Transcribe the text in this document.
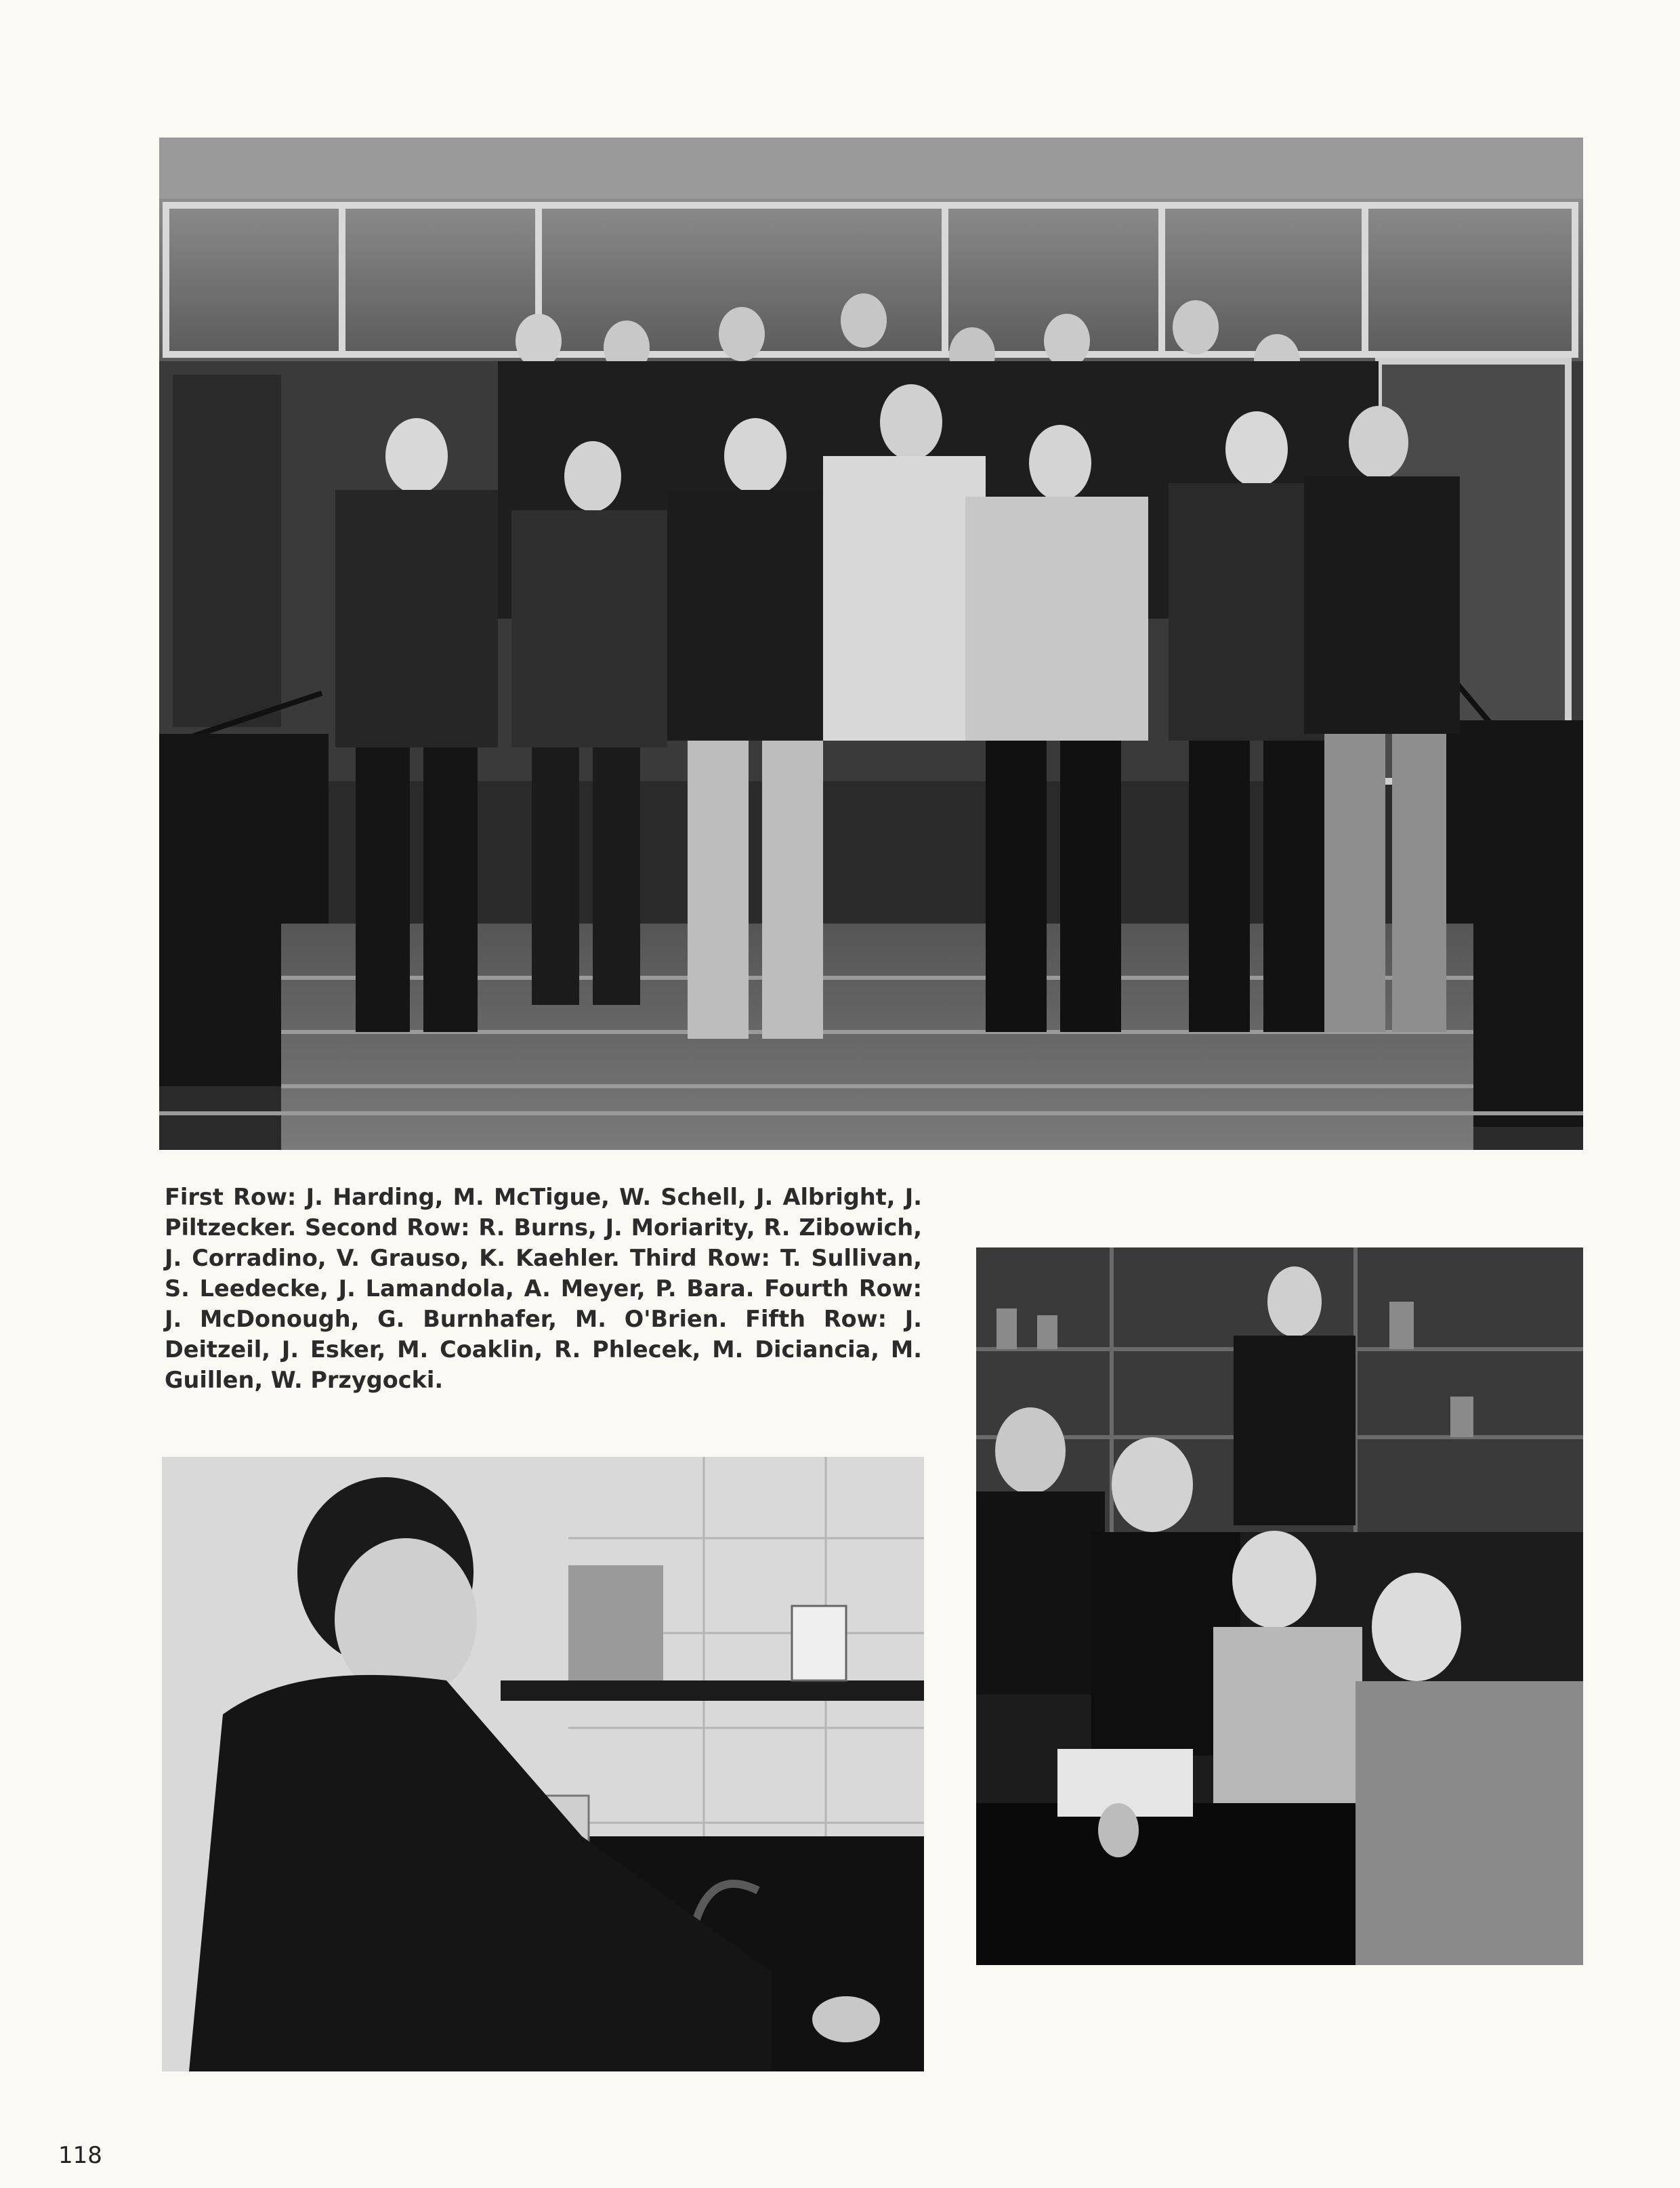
First Row: J. Harding, M. McTigue, W. Schell, J. Albright, J. Piltzecker. Second Row: R. Burns, J. Moriarity, R. Zibowich, J. Corradino, V. Grauso, K. Kaehler. Third Row: T. Sullivan, S. Leedecke, J. Lamandola, A. Meyer, P. Bara. Fourth Row: J. McDonough, G. Burnhafer, M. O'Brien. Fifth Row: J. Deitzeil, J. Esker, M. Coaklin, R. Phlecek, M. Diciancia, M. Guillen, W. Przygocki.

118
